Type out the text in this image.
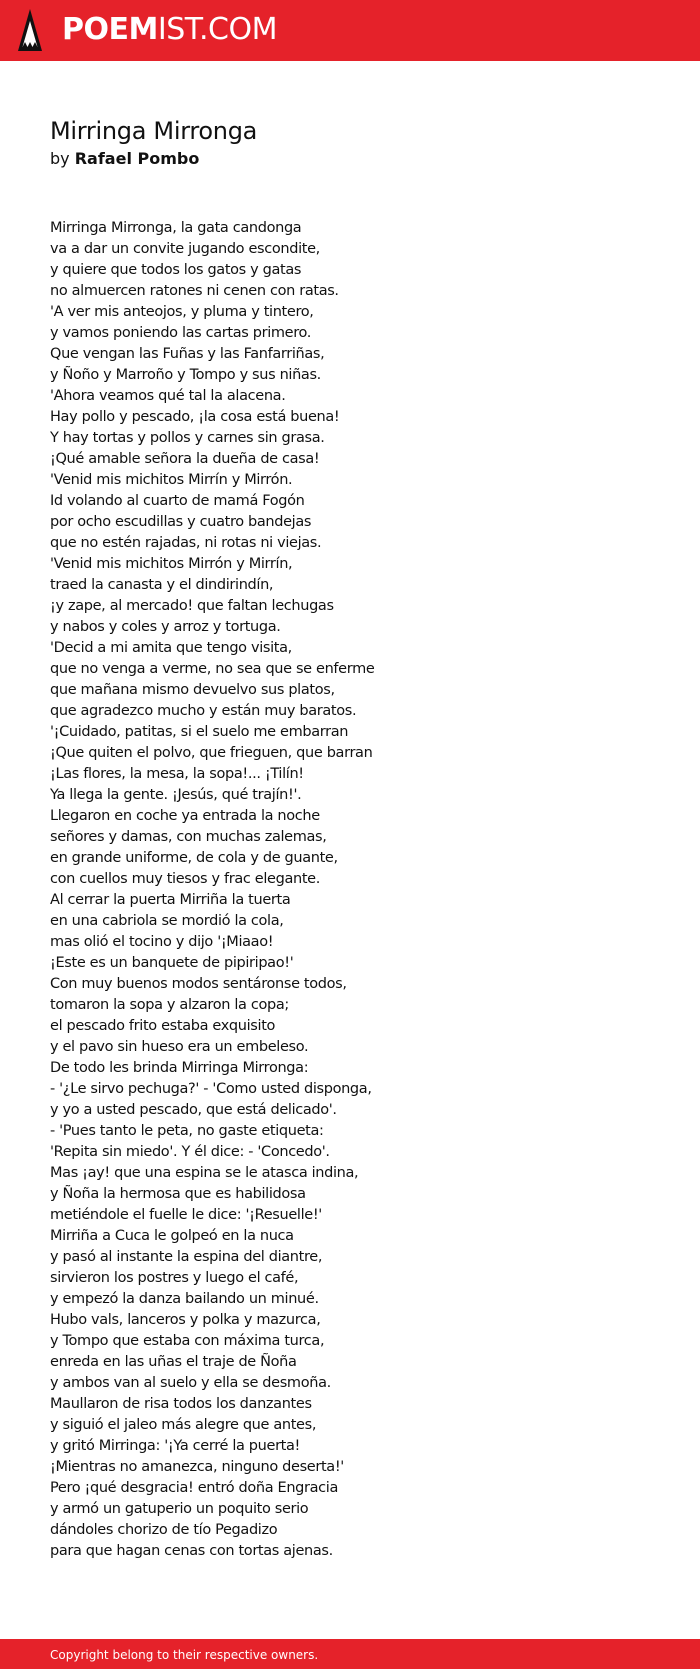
POEMIST.COM
Mirringa Mirronga
by Rafael Pombo
Mirringa Mirronga, la gata candonga
va a dar un convite jugando escondite,
y quiere que todos los gatos y gatas
no almuercen ratones ni cenen con ratas.
'A ver mis anteojos, y pluma y tintero,
y vamos poniendo las cartas primero.
Que vengan las Fuñas y las Fanfarriñas,
y Ñoño y Marroño y Tompo y sus niñas.
'Ahora veamos qué tal la alacena.
Hay pollo y pescado, ¡la cosa está buena!
Y hay tortas y pollos y carnes sin grasa.
¡Qué amable señora la dueña de casa!
'Venid mis michitos Mirrín y Mirrón.
Id volando al cuarto de mamá Fogón
por ocho escudillas y cuatro bandejas
que no estén rajadas, ni rotas ni viejas.
'Venid mis michitos Mirrón y Mirrín,
traed la canasta y el dindirindín,
¡y zape, al mercado! que faltan lechugas
y nabos y coles y arroz y tortuga.
'Decid a mi amita que tengo visita,
que no venga a verme, no sea que se enferme
que mañana mismo devuelvo sus platos,
que agradezco mucho y están muy baratos.
'¡Cuidado, patitas, si el suelo me embarran
¡Que quiten el polvo, que frieguen, que barran
¡Las flores, la mesa, la sopa!... ¡Tilín!
Ya llega la gente. ¡Jesús, qué trajín!'.
Llegaron en coche ya entrada la noche
señores y damas, con muchas zalemas,
en grande uniforme, de cola y de guante,
con cuellos muy tiesos y frac elegante.
Al cerrar la puerta Mirriña la tuerta
en una cabriola se mordió la cola,
mas olió el tocino y dijo '¡Miaao!
¡Este es un banquete de pipiripao!'
Con muy buenos modos sentáronse todos,
tomaron la sopa y alzaron la copa;
el pescado frito estaba exquisito
y el pavo sin hueso era un embeleso.
De todo les brinda Mirringa Mirronga:
- '¿Le sirvo pechuga?' - 'Como usted disponga,
y yo a usted pescado, que está delicado'.
- 'Pues tanto le peta, no gaste etiqueta:
'Repita sin miedo'. Y él dice: - 'Concedo'.
Mas ¡ay! que una espina se le atasca indina,
y Ñoña la hermosa que es habilidosa
metiéndole el fuelle le dice: '¡Resuelle!'
Mirriña a Cuca le golpeó en la nuca
y pasó al instante la espina del diantre,
sirvieron los postres y luego el café,
y empezó la danza bailando un minué.
Hubo vals, lanceros y polka y mazurca,
y Tompo que estaba con máxima turca,
enreda en las uñas el traje de Ñoña
y ambos van al suelo y ella se desmoña.
Maullaron de risa todos los danzantes
y siguió el jaleo más alegre que antes,
y gritó Mirringa: '¡Ya cerré la puerta!
¡Mientras no amanezca, ninguno deserta!'
Pero ¡qué desgracia! entró doña Engracia
y armó un gatuperio un poquito serio
dándoles chorizo de tío Pegadizo
para que hagan cenas con tortas ajenas.
Copyright belong to their respective owners.
